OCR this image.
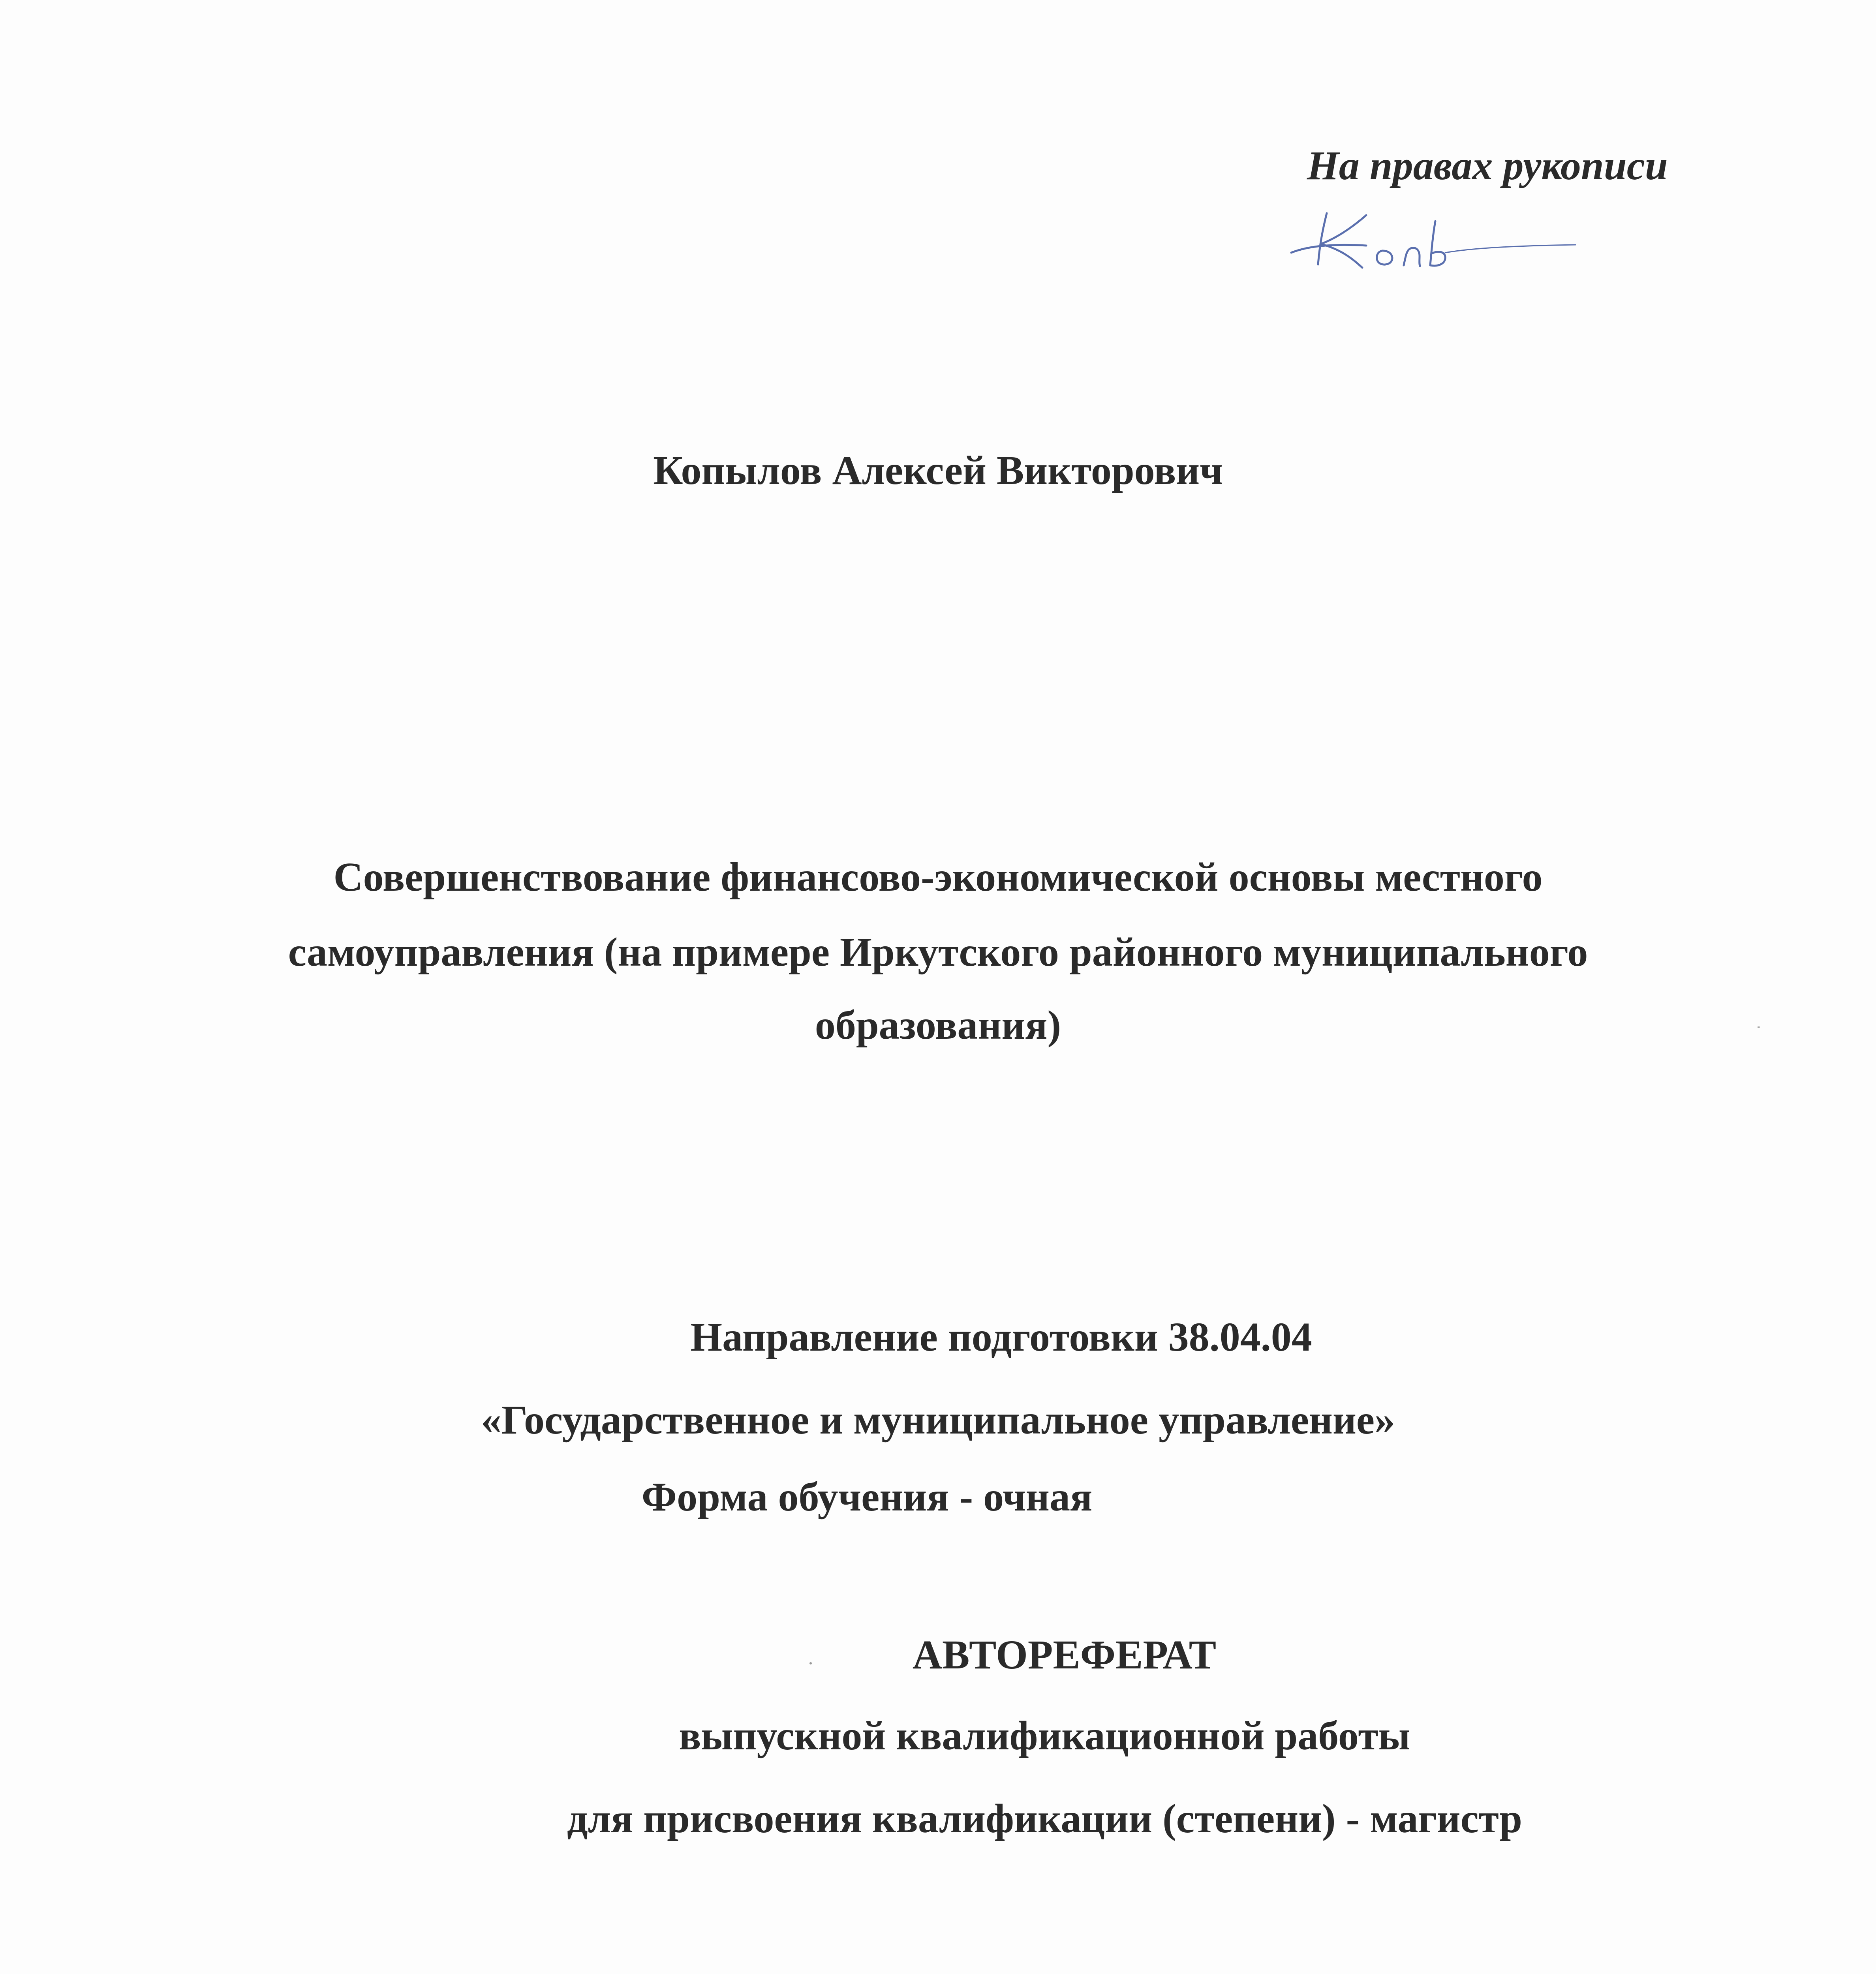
На правах рукописи
Копылов Алексей Викторович
Совершенствование финансово-экономической основы местного
самоуправления (на примере Иркутского районного муниципального
образования)
Направление подготовки 38.04.04
«Государственное и муниципальное управление»
Форма обучения - очная
АВТОРЕФЕРАТ
выпускной квалификационной работы
для присвоения квалификации (степени) - магистр
